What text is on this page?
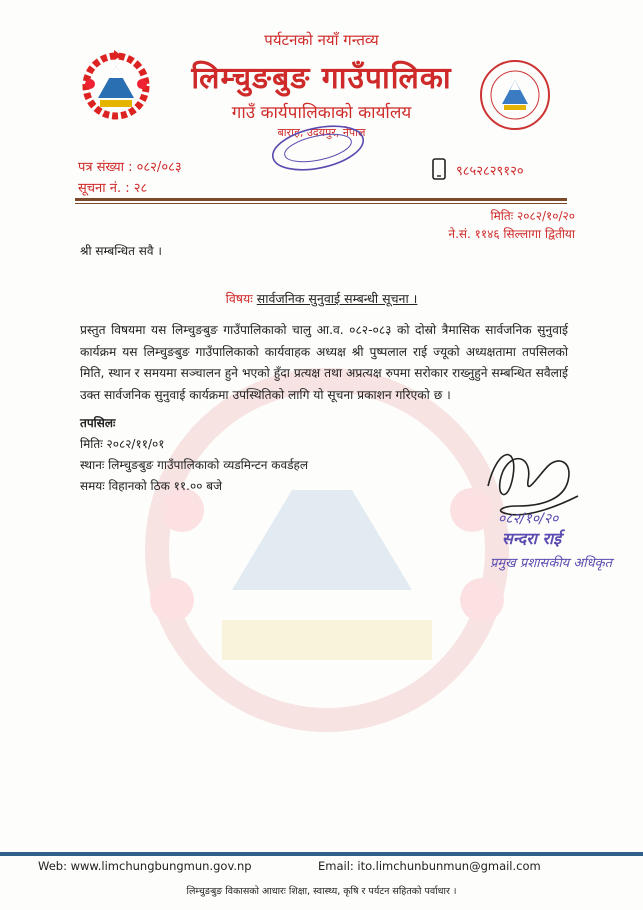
पर्यटनको नयाँ गन्तव्य
लिम्चुङबुङ गाउँपालिका
गाउँ कार्यपालिकाको कार्यालय
बाराह, उदयपुर, नेपाल
पत्र संख्या : ०८२/०८३
सूचना नं. : २८
९८५२८२९१२०
मितिः २०८२/१०/२०
ने.सं. ११४६ सिल्लागा द्वितीया
श्री सम्बन्धित सवै ।
विषयः सार्वजनिक सुनुवाई सम्बन्धी सूचना ।
प्रस्तुत विषयमा यस लिम्चुङबुङ गाउँपालिकाको चालु आ.व. ०८२-०८३ को दोस्रो त्रैमासिक सार्वजनिक सुनुवाई कार्यक्रम यस लिम्चुङबुङ गाउँपालिकाको कार्यवाहक अध्यक्ष श्री पुष्पलाल राई ज्यूको अध्यक्षतामा तपसिलको मिति, स्थान र समयमा सञ्चालन हुने भएको हुँदा प्रत्यक्ष तथा अप्रत्यक्ष रुपमा सरोकार राख्नुहुने सम्बन्धित सवैलाई उक्त सार्वजनिक सुनुवाई कार्यक्रमा उपस्थितिको लागि यो सूचना प्रकाशन गरिएको छ ।
तपसिलः
मितिः २०८२/११/०१
स्थानः लिम्चुङबुङ गाउँपालिकाको व्यडमिन्टन कवर्डहल
समयः विहानको ठिक ११.०० बजे
०८२/१०/२०
सन्दरा राई
प्रमुख प्रशासकीय अधिकृत
Web: www.limchungbungmun.gov.np	Email: ito.limchunbunmun@gmail.com
लिम्चुङबुङ विकासको आधारः शिक्षा, स्वास्थ्य, कृषि र पर्यटन सहितको पर्वाधार ।
